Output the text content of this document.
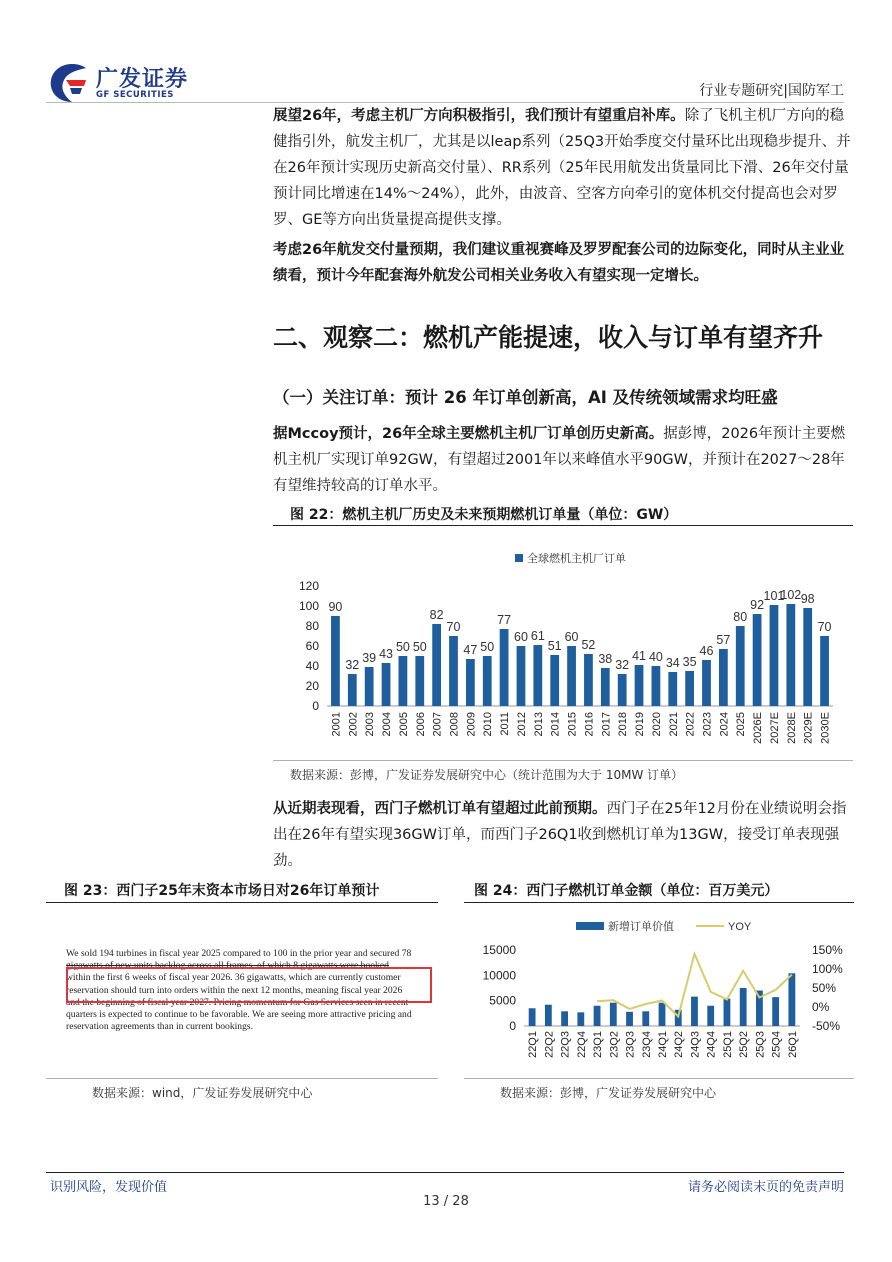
广发证券
GF SECURITIES	行业专题研究|国防军工
展望26年，考虑主机厂方向积极指引，我们预计有望重启补库。除了飞机主机厂方向的稳健指引外，航发主机厂，尤其是以leap系列（25Q3开始季度交付量环比出现稳步提升、并在26年预计实现历史新高交付量）、RR系列（25年民用航发出货量同比下滑、26年交付量预计同比增速在14%～24%），此外，由波音、空客方向牵引的宽体机交付提高也会对罗罗、GE等方向出货量提高提供支撑。
考虑26年航发交付量预期，我们建议重视赛峰及罗罗配套公司的边际变化，同时从主业业绩看，预计今年配套海外航发公司相关业务收入有望实现一定增长。
二、观察二：燃机产能提速，收入与订单有望齐升
（一）关注订单：预计 26 年订单创新高，AI 及传统领域需求均旺盛
据Mccoy预计，26年全球主要燃机主机厂订单创历史新高。据彭博，2026年预计主要燃机主机厂实现订单92GW，有望超过2001年以来峰值水平90GW，并预计在2027～28年有望维持较高的订单水平。
图 22：燃机主机厂历史及未来预期燃机订单量（单位：GW）
90
32 39 43 50 50
82
70
47 50
77
60 61
51
60
52
38 32
41 40 34 35
46
57
80
92
101
102 98
70
0
20
40
60
80
100
120
2001 2002 2003 2004 2005 2006 2007 2008 2009 2010 2011 2012 2013 2014 2015 2016 2017 2018 2019 2020 2021 2022 2023 2024 2025 2026E 2027E 2028E 2029E 2030E
全球燃机主机厂订单
数据来源：彭博，广发证券发展研究中心（统计范围为大于 10MW 订单）
从近期表现看，西门子燃机订单有望超过此前预期。西门子在25年12月份在业绩说明会指出在26年有望实现36GW订单，而西门子26Q1收到燃机订单为13GW，接受订单表现强劲。
图 23：西门子25年末资本市场日对26年订单预计
We sold 194 turbines in fiscal year 2025 compared to 100 in the prior year and secured 78
gigawatts of new units backlog across all frames, of which 8 gigawatts were booked
within the first 6 weeks of fiscal year 2026. 36 gigawatts, which are currently customer
reservation should turn into orders within the next 12 months, meaning fiscal year 2026
and the beginning of fiscal year 2027. Pricing momentum for Gas Services seen in recent
quarters is expected to continue to be favorable. We are seeing more attractive pricing and
reservation agreements than in current bookings.
数据来源：wind，广发证券发展研究中心
图 24：西门子燃机订单金额（单位：百万美元）
0
5000
10000
15000
-50%
0%
50%
100%
150%
22Q1 22Q2 22Q3 22Q4 23Q1 23Q2 23Q3 23Q4 24Q1 24Q2 24Q3 24Q4 25Q1 25Q2 25Q3 25Q4 26Q1
新增订单价值	YOY
数据来源：彭博，广发证券发展研究中心
识别风险，发现价值	请务必阅读末页的免责声明
13 / 28
